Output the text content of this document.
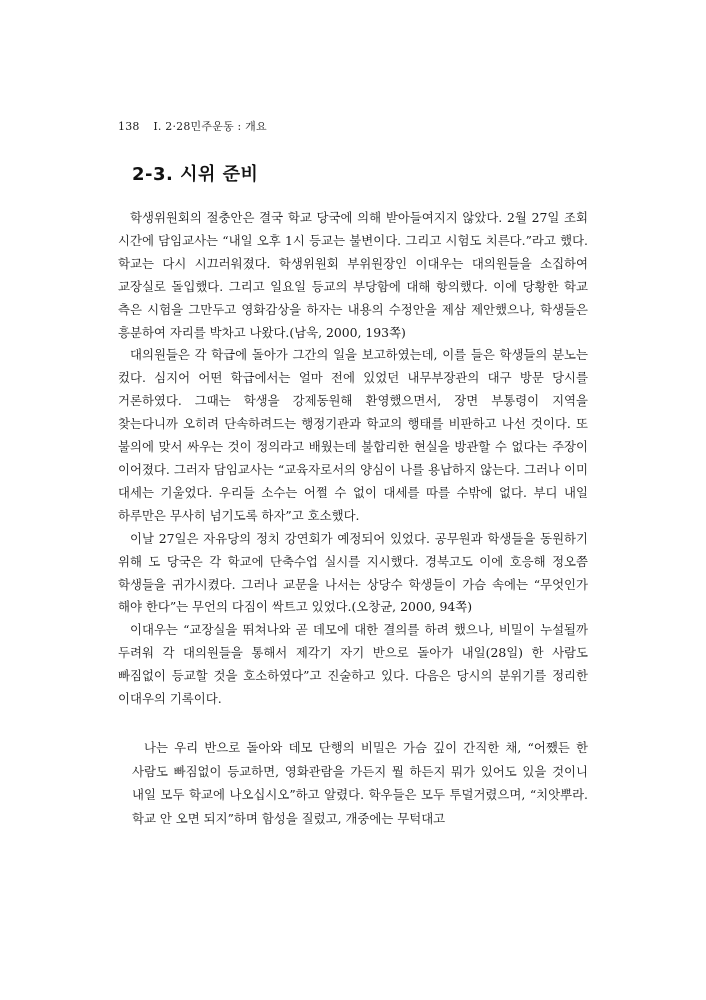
138 Ⅰ. 2·28민주운동 : 개요
2-3. 시위 준비

학생위원회의 절충안은 결국 학교 당국에 의해 받아들여지지 않았다. 2월 27일 조회 시간에 담임교사는 “내일 오후 1시 등교는 불변이다. 그리고 시험도 치른다.”라고 했다. 학교는 다시 시끄러워졌다. 학생위원회 부위원장인 이대우는 대의원들을 소집하여 교장실로 돌입했다. 그리고 일요일 등교의 부당함에 대해 항의했다. 이에 당황한 학교 측은 시험을 그만두고 영화감상을 하자는 내용의 수정안을 제삼 제안했으나, 학생들은 흥분하여 자리를 박차고 나왔다.(남욱, 2000, 193쪽)

대의원들은 각 학급에 돌아가 그간의 일을 보고하였는데, 이를 들은 학생들의 분노는 컸다. 심지어 어떤 학급에서는 얼마 전에 있었던 내무부장관의 대구 방문 당시를 거론하였다. 그때는 학생을 강제동원해 환영했으면서, 장면 부통령이 지역을 찾는다니까 오히려 단속하려드는 행정기관과 학교의 행태를 비판하고 나선 것이다. 또 불의에 맞서 싸우는 것이 정의라고 배웠는데 불합리한 현실을 방관할 수 없다는 주장이 이어졌다. 그러자 담임교사는 “교육자로서의 양심이 나를 용납하지 않는다. 그러나 이미 대세는 기울었다. 우리들 소수는 어쩔 수 없이 대세를 따를 수밖에 없다. 부디 내일 하루만은 무사히 넘기도록 하자”고 호소했다.

이날 27일은 자유당의 정치 강연회가 예정되어 있었다. 공무원과 학생들을 동원하기 위해 도 당국은 각 학교에 단축수업 실시를 지시했다. 경북고도 이에 호응해 정오쯤 학생들을 귀가시켰다. 그러나 교문을 나서는 상당수 학생들이 가슴 속에는 “무엇인가 해야 한다”는 무언의 다짐이 싹트고 있었다.(오창균, 2000, 94쪽)

이대우는 “교장실을 뛰쳐나와 곧 데모에 대한 결의를 하려 했으나, 비밀이 누설될까 두려워 각 대의원들을 통해서 제각기 자기 반으로 돌아가 내일(28일) 한 사람도 빠짐없이 등교할 것을 호소하였다”고 진술하고 있다. 다음은 당시의 분위기를 정리한 이대우의 기록이다.

나는 우리 반으로 돌아와 데모 단행의 비밀은 가슴 깊이 간직한 채, “어쨌든 한 사람도 빠짐없이 등교하면, 영화관람을 가든지 뭘 하든지 뭐가 있어도 있을 것이니 내일 모두 학교에 나오십시오”하고 알렸다. 학우들은 모두 투덜거렸으며, “치앗뿌라. 학교 안 오면 되지”하며 함성을 질렀고, 개중에는 무턱대고
